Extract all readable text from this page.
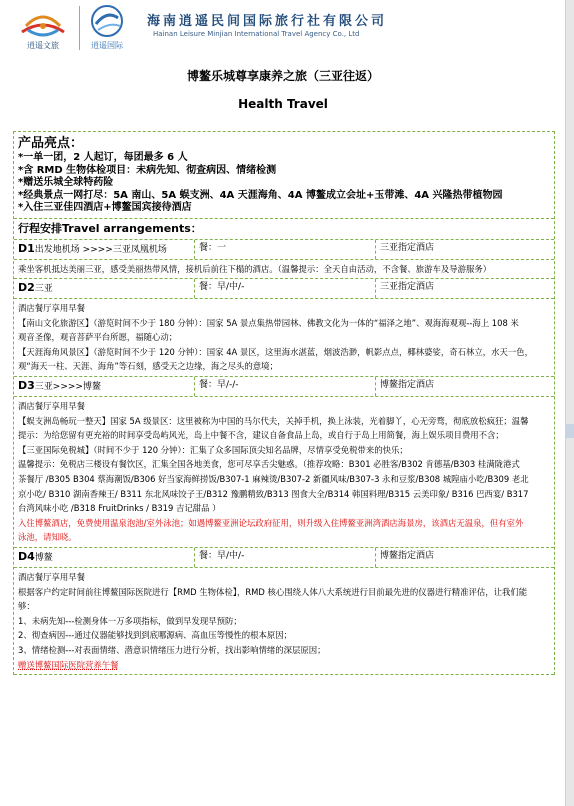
逍遥文旅	逍遥国际
海南逍遥民间国际旅行社有限公司
Hainan Leisure Minjian International Travel Agency Co., Ltd
博鳌乐城尊享康养之旅（三亚往返）
Health Travel
产品亮点：
*一单一团，2 人起订，每团最多 6 人
*含 RMD 生物体检项目：未病先知、彻查病因、情绪检测
*赠送乐城全球特药险
*经典景点一网打尽：5A 南山、5A 蜈支洲、4A 天涯海角、4A 博鳌成立会址+玉带滩、4A 兴隆热带植物园
*入住三亚佳四酒店+博鳌国宾接待酒店
行程安排Travel arrangements：
D1出发地机场 >>>>三亚凤凰机场	餐：一	三亚指定酒店
乘坐客机抵达美丽三亚，感受美丽热带风情，接机后前往下榻的酒店。（温馨提示：全天自由活动，不含餐、旅游车及导游服务）
D2三亚	餐：早/中/-	三亚指定酒店
酒店餐厅享用早餐
【南山文化旅游区】（游览时间不少于 180 分钟）：国家 5A 景点集热带园林、佛教文化为一体的“福泽之地”、观海海观观--海上 108 米
观音圣像，观音菩萨平台所愿，福随心动；
【天涯海角风景区】（游览时间不少于 120 分钟）：国家 4A 景区，这里海水湛蓝，烟波浩渺，帆影点点，椰林婆娑，奇石林立，水天一色，
观“海天一柱、天涯、海角”等石刻，感受天之边缘，海之尽头的意境；
D3三亚>>>>博鳌	餐：早/-/-	博鳌指定酒店
酒店餐厅享用早餐
【蜈支洲岛畅玩一整天】国家 5A 级景区：这里被称为中国的马尔代夫，关掉手机，换上泳装，光着脚丫，心无旁骛，彻底放松疯狂；温馨
提示：为给您留有更充裕的时间享受岛屿风光，岛上中餐不含，建议自备食品上岛，或自行于岛上用简餐，海上娱乐项目费用不含；
【三亚国际免税城】（时间不少于 120 分钟）：汇集了众多国际顶尖知名品牌，尽情享受免税带来的快乐；
温馨提示：免税店三楼设有餐饮区，汇集全国各地美食，您可尽享舌尖魅惑。（推荐攻略：B301 必胜客/B302 肯德基/B303 桂满陇港式
茶餐厅 /B305 B304 蔡海潮饭/B306 好当家海鲜捞饭/B307-1 麻辣烫/B307-2 新疆风味/B307-3 永和豆浆/B308 城隍庙小吃/B309 老北
京小吃/ B310 湖南香辣王/ B311 东北风味饺子王/B312 豫鹏精致/B313 图食大全/B314 韩国料理/B315 云美印象/ B316 巴西宴/ B317
台湾风味小吃 /B318 FruitDrinks / B319 吉记甜品 ）
入住博鳌酒店，免费使用温泉泡池/室外泳池；如遇博鳌亚洲论坛政府征用，则升级入住博鳌亚洲湾酒店海景房，该酒店无温泉，但有室外
泳池，请知晓。
D4博鳌	餐：早/中/-	博鳌指定酒店
酒店餐厅享用早餐
根据客户约定时间前往博鳌国际医院进行【RMD 生物体检】，RMD 核心围绕人体八大系统进行目前最先进的仪器进行精准评估，让我们能
够：
1、未病先知---检测身体一万多项指标，做到早发现早预防；
2、彻查病因---通过仪器能够找到到底哪源病、高血压等慢性的根本原因；
3、情绪检测---对表面情绪、潜意识情绪压力进行分析，找出影响情绪的深层原因；
赠送博鳌国际医院营养午餐
